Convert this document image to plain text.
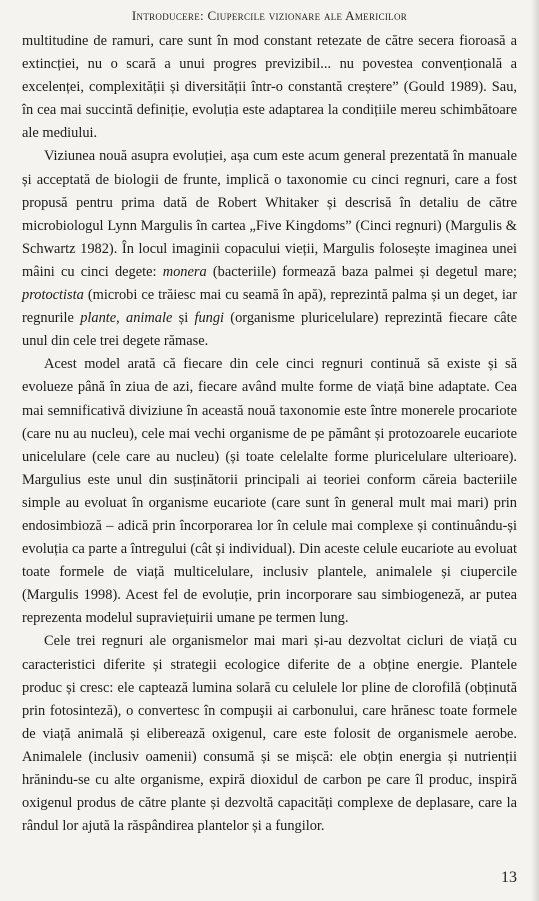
Introducere: Ciupercile vizionare ale Americilor

multitudine de ramuri, care sunt în mod constant retezate de către secera fioroasă a extincției, nu o scară a unui progres previzibil... nu povestea convențională a excelenței, complexității și diversității într-o constantă creștere” (Gould 1989). Sau, în cea mai succintă definiție, evoluția este adaptarea la condițiile mereu schimbătoare ale mediului.

Viziunea nouă asupra evoluției, așa cum este acum general prezentată în manuale și acceptată de biologii de frunte, implică o taxonomie cu cinci regnuri, care a fost propusă pentru prima dată de Robert Whitaker și descrisă în detaliu de către microbiologul Lynn Margulis în cartea „Five Kingdoms” (Cinci regnuri) (Margulis & Schwartz 1982). În locul imaginii copacului vieții, Margulis folosește imaginea unei mâini cu cinci degete: monera (bacteriile) formează baza palmei și degetul mare; protoctista (microbi ce trăiesc mai cu seamă în apă), reprezintă palma și un deget, iar regnurile plante, animale și fungi (organisme pluricelulare) reprezintă fiecare câte unul din cele trei degete rămase.

Acest model arată că fiecare din cele cinci regnuri continuă să existe și să evolueze până în ziua de azi, fiecare având multe forme de viață bine adaptate. Cea mai semnificativă diviziune în această nouă taxonomie este între monerele procariote (care nu au nucleu), cele mai vechi organisme de pe pământ și protozoarele eucariote unicelulare (cele care au nucleu) (și toate celelalte forme pluricelulare ulterioare). Margulius este unul din susținătorii principali ai teoriei conform căreia bacteriile simple au evoluat în organisme eucariote (care sunt în general mult mai mari) prin endosimbioză – adică prin încorporarea lor în celule mai complexe și continuându-și evoluția ca parte a întregului (cât și individual). Din aceste celule eucariote au evoluat toate formele de viață multicelulare, inclusiv plantele, animalele și ciupercile (Margulis 1998). Acest fel de evoluție, prin incorporare sau simbiogeneză, ar putea reprezenta modelul supraviețuirii umane pe termen lung.

Cele trei regnuri ale organismelor mai mari și-au dezvoltat cicluri de viață cu caracteristici diferite și strategii ecologice diferite de a obține energie. Plantele produc și cresc: ele captează lumina solară cu celulele lor pline de clorofilă (obținută prin fotosinteză), o convertesc în compuşii ai carbonului, care hrănesc toate formele de viață animală și eliberează oxigenul, care este folosit de organismele aerobe. Animalele (inclusiv oamenii) consumă și se mișcă: ele obțin energia și nutrienții hrănindu-se cu alte organisme, expiră dioxidul de carbon pe care îl produc, inspiră oxigenul produs de către plante și dezvoltă capacități complexe de deplasare, care la rândul lor ajută la răspândirea plantelor și a fungilor.

13
